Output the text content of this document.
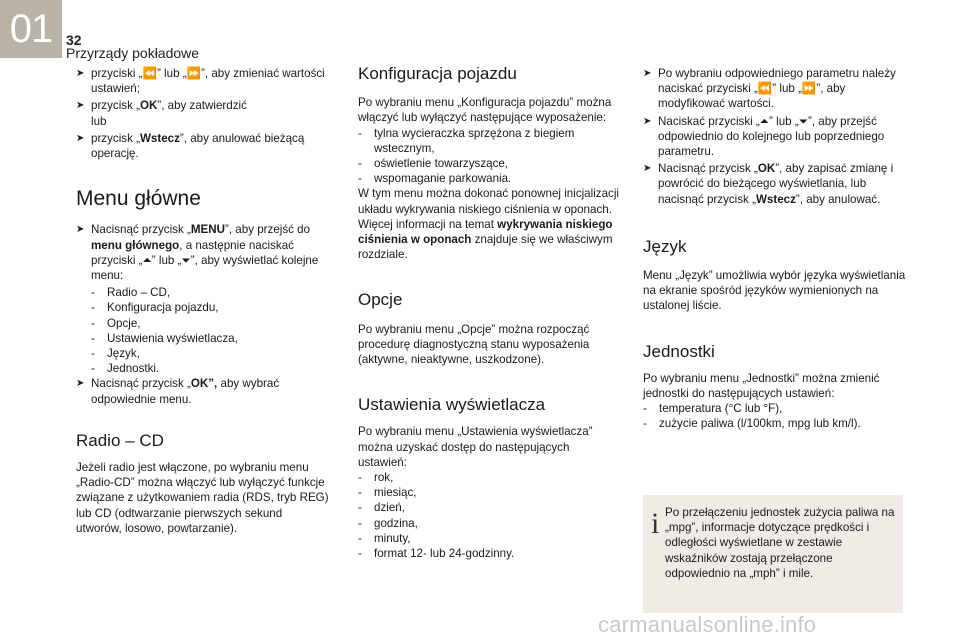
01 32
Przyrządy pokładowe
➤ przyciski „⏪” lub „⏩”, aby zmieniać wartości ustawień;
➤ przycisk „OK”, aby zatwierdzić
lub
➤ przycisk „Wstecz”, aby anulować bieżącą operację.
Menu główne
➤ Nacisnąć przycisk „MENU”, aby przejść do menu głównego, a następnie naciskać przyciski „⏶” lub „⏷”, aby wyświetlać kolejne menu:
- Radio – CD,
- Konfiguracja pojazdu,
- Opcje,
- Ustawienia wyświetlacza,
- Język,
- Jednostki.
➤ Nacisnąć przycisk „OK”, aby wybrać odpowiednie menu.
Radio – CD

Jeżeli radio jest włączone, po wybraniu menu „Radio-CD” można włączyć lub wyłączyć funkcje związane z użytkowaniem radia (RDS, tryb REG) lub CD (odtwarzanie pierwszych sekund utworów, losowo, powtarzanie).

Konfiguracja pojazdu

Po wybraniu menu „Konfiguracja pojazdu” można włączyć lub wyłączyć następujące wyposażenie:

- tylna wycieraczka sprzężona z biegiem wstecznym,
- oświetlenie towarzyszące,
- wspomaganie parkowania.

W tym menu można dokonać ponownej inicjalizacji układu wykrywania niskiego ciśnienia w oponach. Więcej informacji na temat wykrywania niskiego ciśnienia w oponach znajduje się we właściwym rozdziale.

Opcje

Po wybraniu menu „Opcje” można rozpocząć procedurę diagnostyczną stanu wyposażenia (aktywne, nieaktywne, uszkodzone).

Ustawienia wyświetlacza

Po wybraniu menu „Ustawienia wyświetlacza” można uzyskać dostęp do następujących ustawień:

- rok,
- miesiąc,
- dzień,
- godzina,
- minuty,
- format 12- lub 24-godzinny.
➤ Po wybraniu odpowiedniego parametru należy naciskać przyciski „⏪” lub „⏩”, aby modyfikować wartości.
➤ Naciskać przyciski „⏶” lub „⏷”, aby przejść odpowiednio do kolejnego lub poprzedniego parametru.
➤ Nacisnąć przycisk „OK”, aby zapisać zmianę i powrócić do bieżącego wyświetlania, lub nacisnąć przycisk „Wstecz”, aby anulować.
Język

Menu „Język” umożliwia wybór języka wyświetlania na ekranie spośród języków wymienionych na ustalonej liście.

Jednostki

Po wybraniu menu „Jednostki” można zmienić jednostki do następujących ustawień:

- temperatura (°C lub °F),
- zużycie paliwa (l/100km, mpg lub km/l).
i Po przełączeniu jednostek zużycia paliwa na „mpg”, informacje dotyczące prędkości i odległości wyświetlane w zestawie wskaźników zostają przełączone odpowiednio na „mph” i mile.
carmanualsonline.info
